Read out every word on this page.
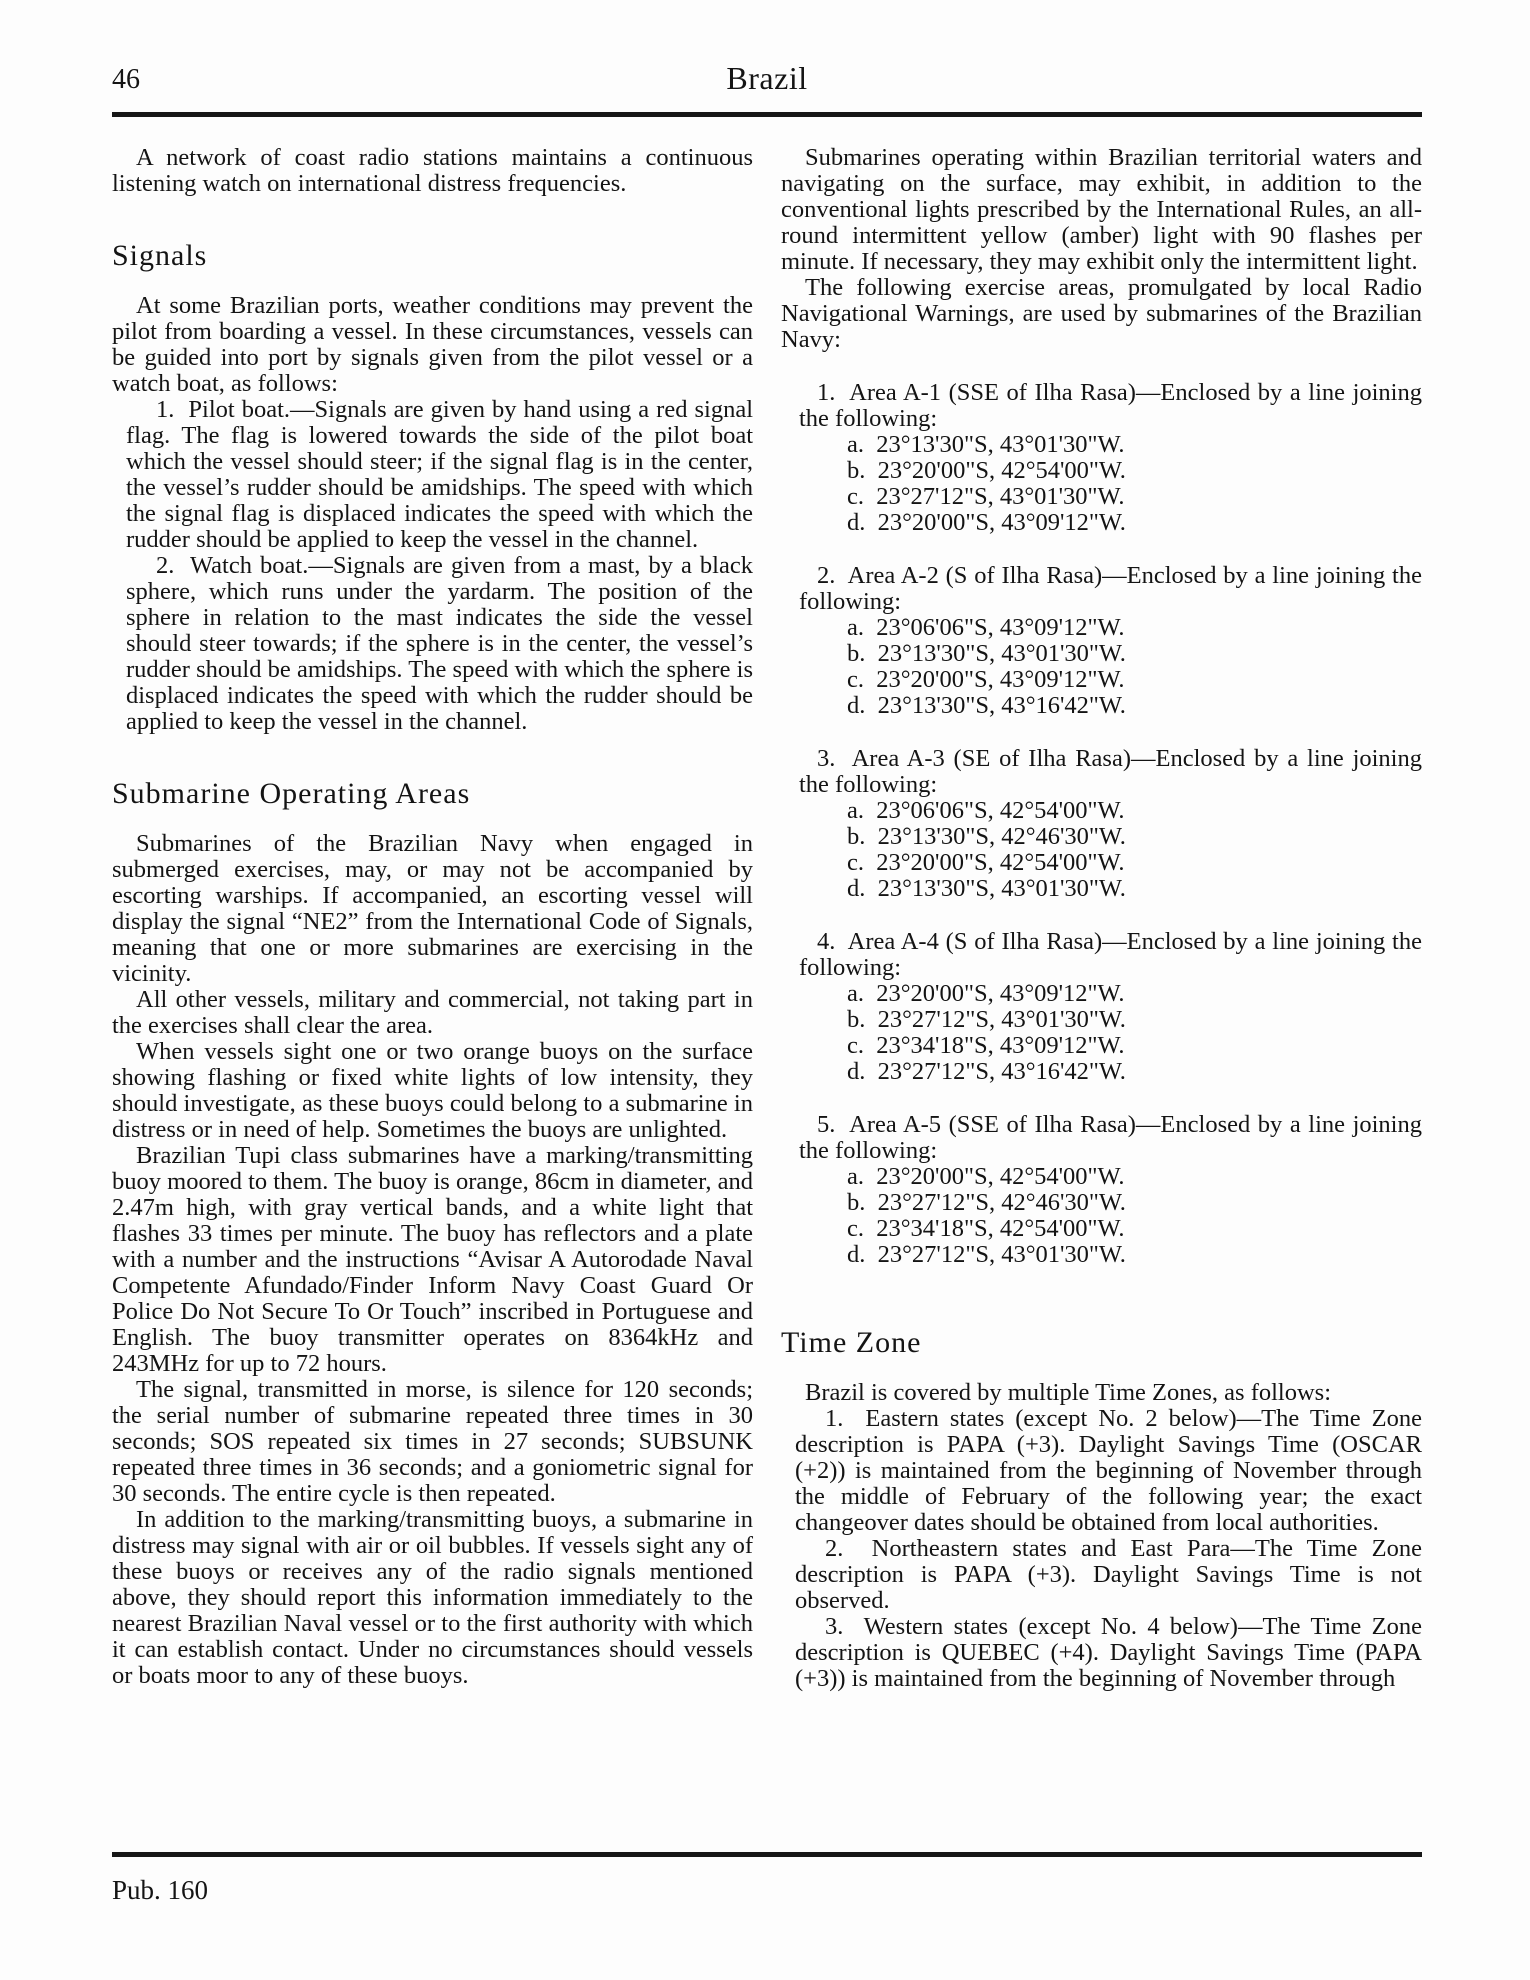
46	Brazil

A network of coast radio stations maintains a continuous listening watch on international distress frequencies.

Signals

At some Brazilian ports, weather conditions may prevent the pilot from boarding a vessel. In these circumstances, vessels can be guided into port by signals given from the pilot vessel or a watch boat, as follows:

1.  Pilot boat.—Signals are given by hand using a red signal flag. The flag is lowered towards the side of the pilot boat which the vessel should steer; if the signal flag is in the center, the vessel’s rudder should be amidships. The speed with which the signal flag is displaced indicates the speed with which the rudder should be applied to keep the vessel in the channel.

2.  Watch boat.—Signals are given from a mast, by a black sphere, which runs under the yardarm. The position of the sphere in relation to the mast indicates the side the vessel should steer towards; if the sphere is in the center, the vessel’s rudder should be amidships. The speed with which the sphere is displaced indicates the speed with which the rudder should be applied to keep the vessel in the channel.

Submarine Operating Areas

Submarines of the Brazilian Navy when engaged in submerged exercises, may, or may not be accompanied by escorting warships. If accompanied, an escorting vessel will display the signal “NE2” from the International Code of Signals, meaning that one or more submarines are exercising in the vicinity.

All other vessels, military and commercial, not taking part in the exercises shall clear the area.

When vessels sight one or two orange buoys on the surface showing flashing or fixed white lights of low intensity, they should investigate, as these buoys could belong to a submarine in distress or in need of help. Sometimes the buoys are unlighted.

Brazilian Tupi class submarines have a marking/transmitting buoy moored to them. The buoy is orange, 86cm in diameter, and 2.47m high, with gray vertical bands, and a white light that flashes 33 times per minute. The buoy has reflectors and a plate with a number and the instructions “Avisar A Autorodade Naval Competente Afundado/Finder Inform Navy Coast Guard Or Police Do Not Secure To Or Touch” inscribed in Portuguese and English. The buoy transmitter operates on 8364kHz and 243MHz for up to 72 hours.

The signal, transmitted in morse, is silence for 120 seconds; the serial number of submarine repeated three times in 30 seconds; SOS repeated six times in 27 seconds; SUBSUNK repeated three times in 36 seconds; and a goniometric signal for 30 seconds. The entire cycle is then repeated.

In addition to the marking/transmitting buoys, a submarine in distress may signal with air or oil bubbles. If vessels sight any of these buoys or receives any of the radio signals mentioned above, they should report this information immediately to the nearest Brazilian Naval vessel or to the first authority with which it can establish contact. Under no circumstances should vessels or boats moor to any of these buoys.

Submarines operating within Brazilian territorial waters and navigating on the surface, may exhibit, in addition to the conventional lights prescribed by the International Rules, an all-round intermittent yellow (amber) light with 90 flashes per minute. If necessary, they may exhibit only the intermittent light.

The following exercise areas, promulgated by local Radio Navigational Warnings, are used by submarines of the Brazilian Navy:

1.  Area A-1 (SSE of Ilha Rasa)—Enclosed by a line joining the following:

a.  23°13'30"S, 43°01'30"W.

b.  23°20'00"S, 42°54'00"W.

c.  23°27'12"S, 43°01'30"W.

d.  23°20'00"S, 43°09'12"W.

2.  Area A-2 (S of Ilha Rasa)—Enclosed by a line joining the following:

a.  23°06'06"S, 43°09'12"W.

b.  23°13'30"S, 43°01'30"W.

c.  23°20'00"S, 43°09'12"W.

d.  23°13'30"S, 43°16'42"W.

3.  Area A-3 (SE of Ilha Rasa)—Enclosed by a line joining the following:

a.  23°06'06"S, 42°54'00"W.

b.  23°13'30"S, 42°46'30"W.

c.  23°20'00"S, 42°54'00"W.

d.  23°13'30"S, 43°01'30"W.

4.  Area A-4 (S of Ilha Rasa)—Enclosed by a line joining the following:

a.  23°20'00"S, 43°09'12"W.

b.  23°27'12"S, 43°01'30"W.

c.  23°34'18"S, 43°09'12"W.

d.  23°27'12"S, 43°16'42"W.

5.  Area A-5 (SSE of Ilha Rasa)—Enclosed by a line joining the following:

a.  23°20'00"S, 42°54'00"W.

b.  23°27'12"S, 42°46'30"W.

c.  23°34'18"S, 42°54'00"W.

d.  23°27'12"S, 43°01'30"W.

Time Zone

Brazil is covered by multiple Time Zones, as follows:

1.  Eastern states (except No. 2 below)—The Time Zone description is PAPA (+3). Daylight Savings Time (OSCAR (+2)) is maintained from the beginning of November through the middle of February of the following year; the exact changeover dates should be obtained from local authorities.

2.  Northeastern states and East Para—The Time Zone description is PAPA (+3). Daylight Savings Time is not observed.

3.  Western states (except No. 4 below)—The Time Zone description is QUEBEC (+4). Daylight Savings Time (PAPA (+3)) is maintained from the beginning of November through

Pub. 160
